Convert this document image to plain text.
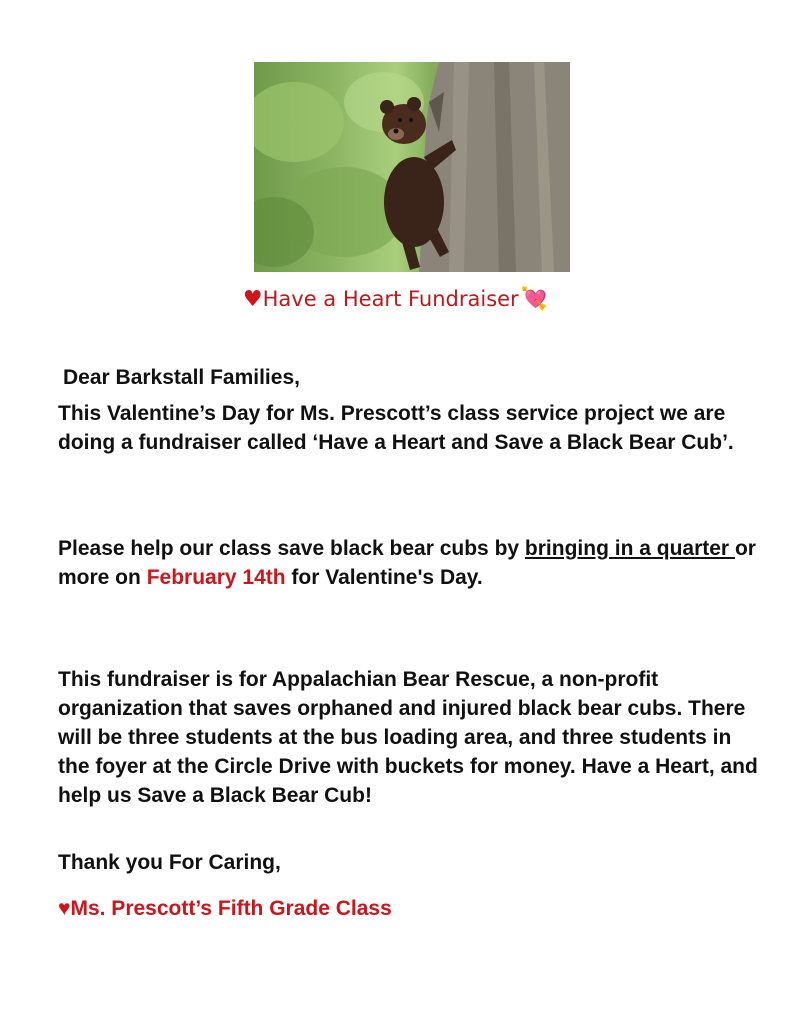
♥Have a Heart Fundraiser💘
Dear Barkstall Families,
This Valentine’s Day for Ms. Prescott’s class service project we are doing a fundraiser called ‘Have a Heart and Save a Black Bear Cub’.
Please help our class save black bear cubs by bringing in a quarter or more on February 14th for Valentine's Day.
This fundraiser is for Appalachian Bear Rescue, a non-profit organization that saves orphaned and injured black bear cubs. There will be three students at the bus loading area, and three students in the foyer at the Circle Drive with buckets for money. Have a Heart, and help us Save a Black Bear Cub!
Thank you For Caring,
♥Ms. Prescott’s Fifth Grade Class
